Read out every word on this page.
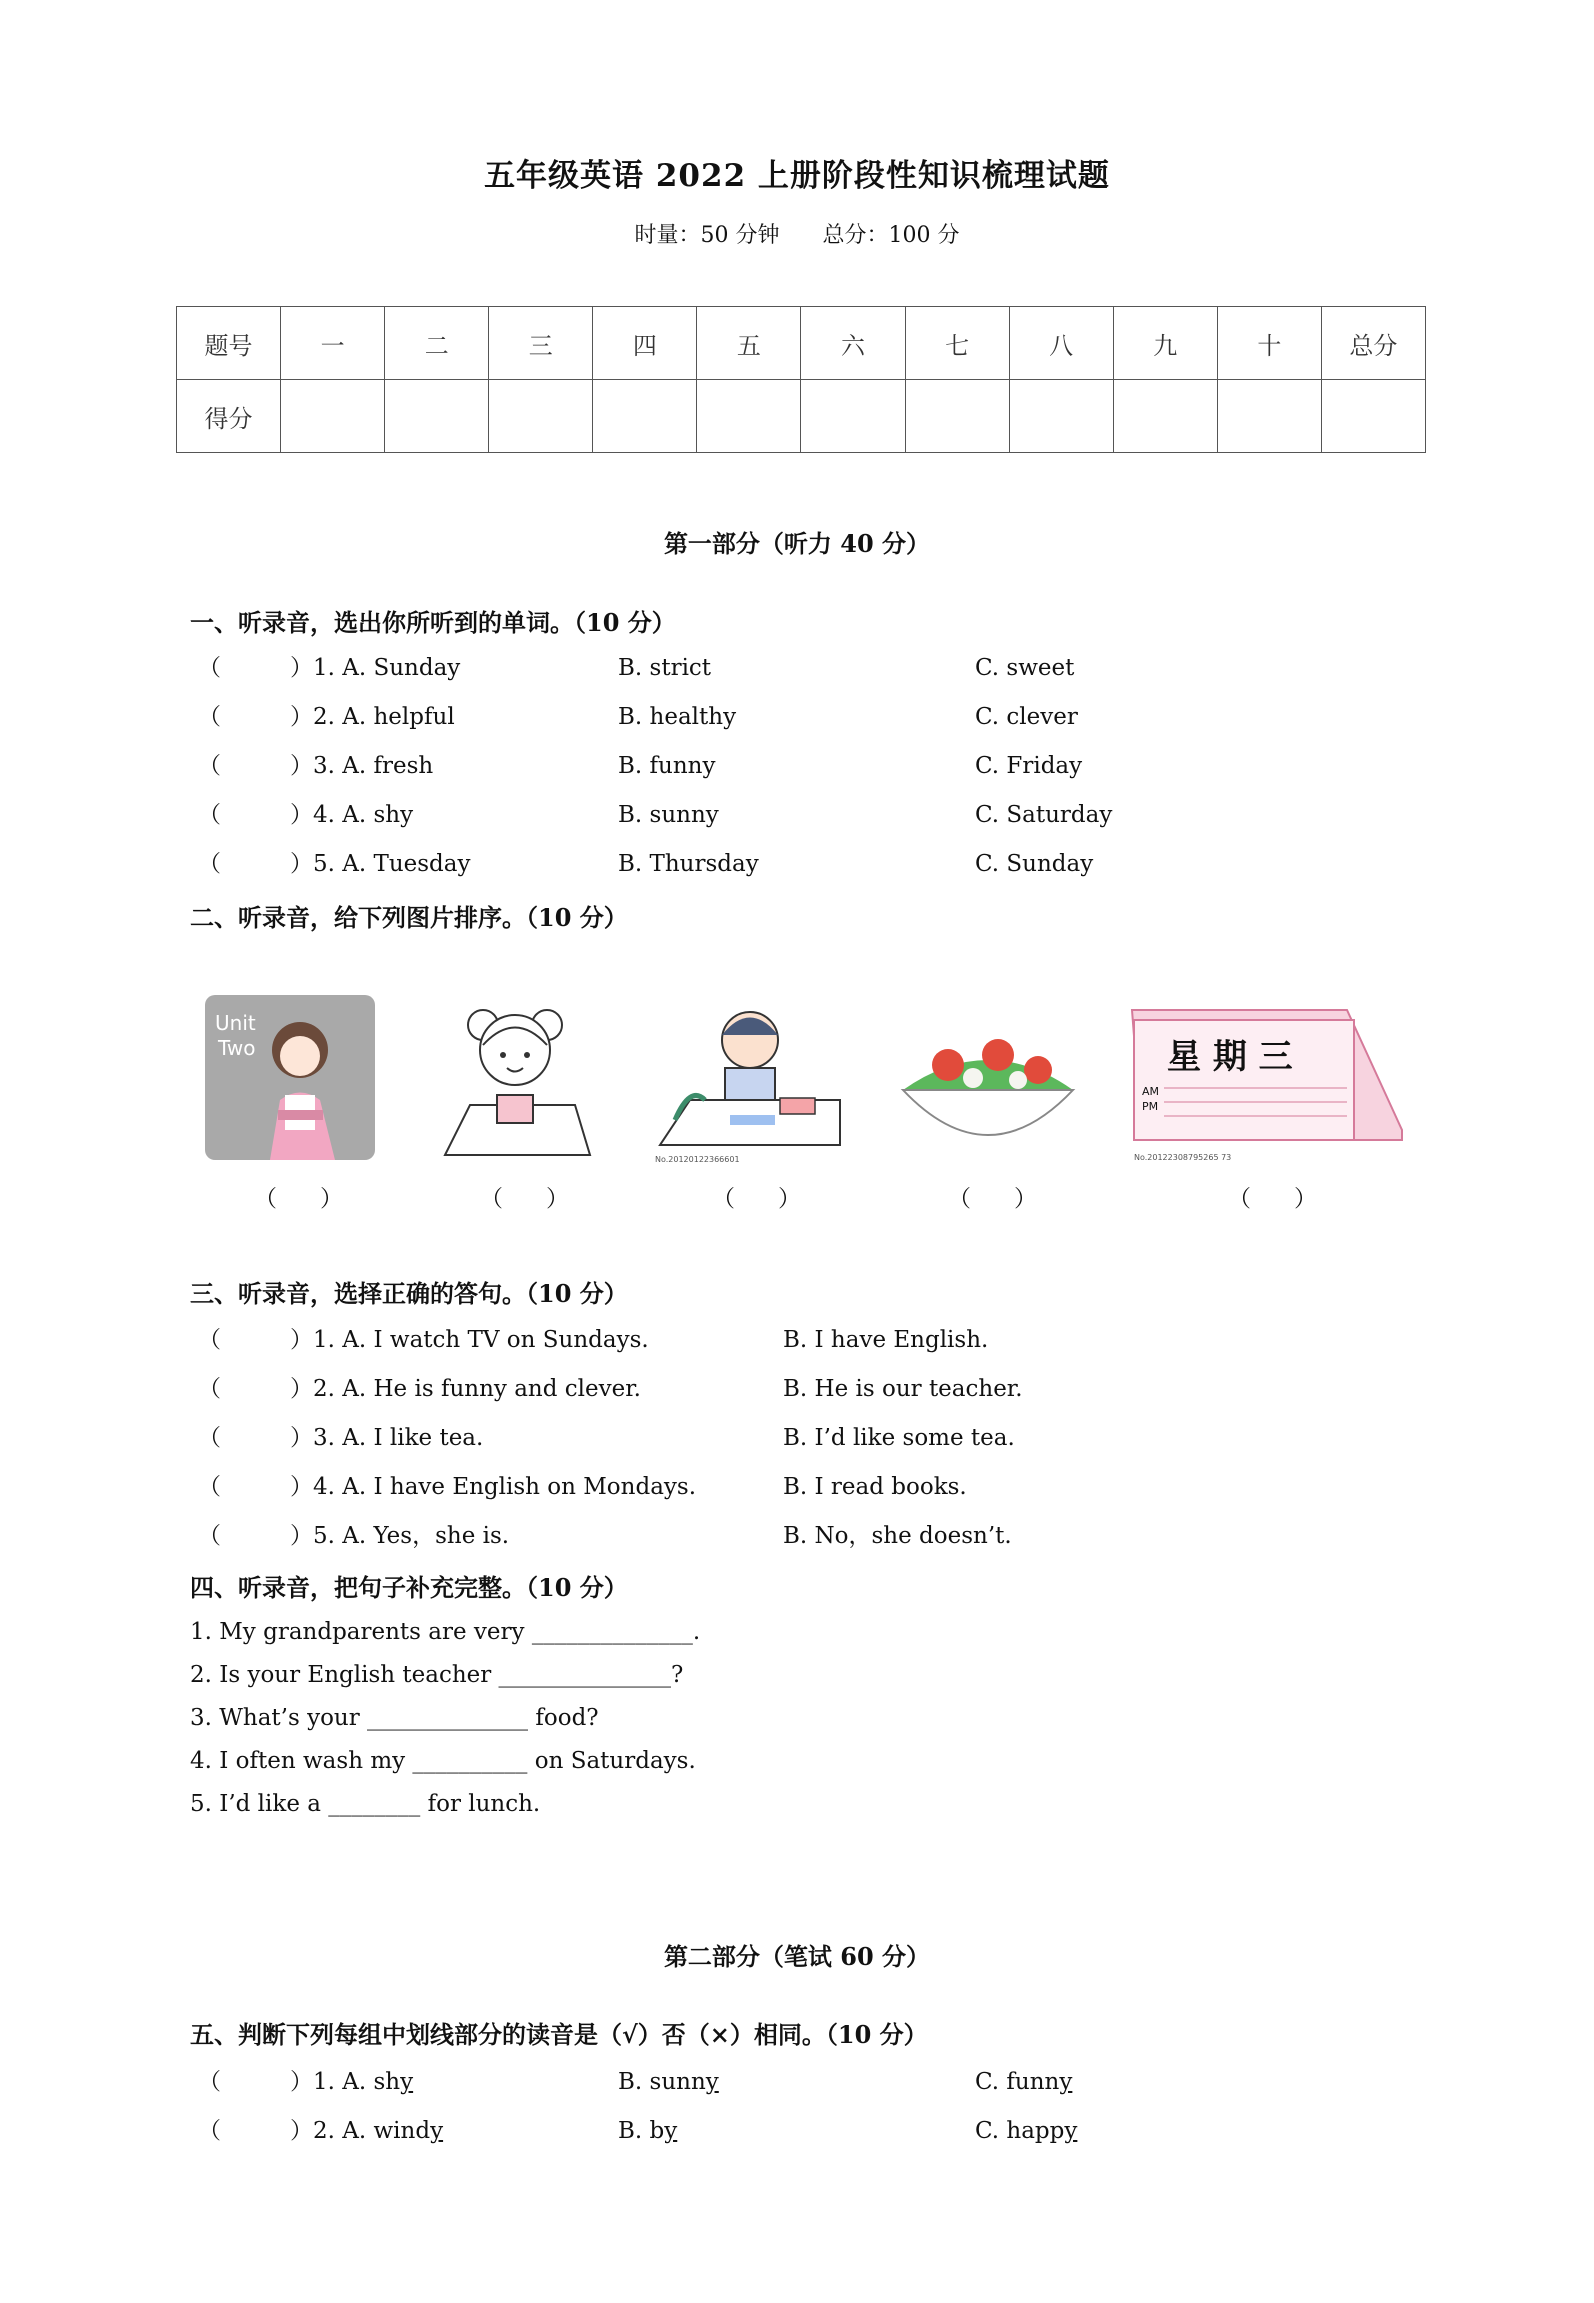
五年级英语 2022 上册阶段性知识梳理试题
时量：50 分钟 总分：100 分
题号	一	二	三	四	五	六	七	八	九	十	总分
得分											
第一部分（听力 40 分）
一、听录音，选出你所听到的单词。（10 分）
（	）1. A. Sunday	B. strict	C. sweet
（	）2. A. helpful	B. healthy	C. clever
（	）3. A. fresh	B. funny	C. Friday
（	）4. A. shy	B. sunny	C. Saturday
（	）5. A. Tuesday	B. Thursday	C. Sunday
二、听录音，给下列图片排序。（10 分）
Unit
Two
（ ）	（ ）
No.20120122366601
（ ）	（ ）
星 期 三
AM
PM
No.20122308795265 73
（ ）
三、听录音，选择正确的答句。（10 分）
（	）1. A. I watch TV on Sundays.	B. I have English.
（	）2. A. He is funny and clever.	B. He is our teacher.
（	）3. A. I like tea.	B. I’d like some tea.
（	）4. A. I have English on Mondays.	B. I read books.
（	）5. A. Yes，she is.	B. No，she doesn’t.
四、听录音，把句子补充完整。（10 分）
1. My grandparents are very ______________.
2. Is your English teacher _______________?
3. What’s your ______________ food?
4. I often wash my __________ on Saturdays.
5. I’d like a ________ for lunch.
第二部分（笔试 60 分）
五、判断下列每组中划线部分的读音是（√）否（×）相同。（10 分）
（	）1. A. shy	B. sunny	C. funny
（	）2. A. windy	B. by	C. happy
